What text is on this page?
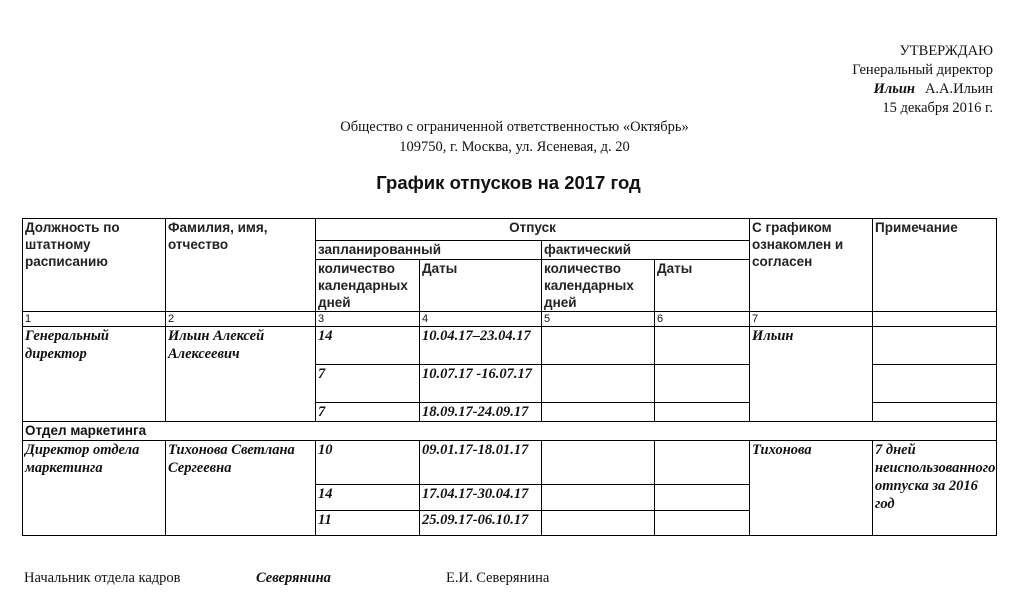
УТВЕРЖДАЮ
Генеральный директор
Ильин А.А.Ильин
15 декабря 2016 г.
Общество с ограниченной ответственностью «Октябрь»
109750, г. Москва, ул. Ясеневая, д. 20
График отпусков на 2017 год
Должность по штатному расписанию	Фамилия, имя, отчество	Отпуск				С графиком ознакомлен и согласен	Примечание
		запланированный		фактический			
		количество календарных дней	Даты	количество календарных дней	Даты		
1	2	3	4	5	6	7	
Генеральный директор	Ильин Алексей Алексеевич	14	10.04.17–23.04.17			Ильин	
		7	10.07.17 -16.07.17				
		7	18.09.17-24.09.17				
Отдел маркетинга							
Директор отдела маркетинга	Тихонова Светлана Сергеевна	10	09.01.17-18.01.17			Тихонова	7 дней неиспользованного отпуска за 2016 год
		14	17.04.17-30.04.17				
		11	25.09.17-06.10.17				
Начальник отдела кадров	Северянина	Е.И. Северянина
